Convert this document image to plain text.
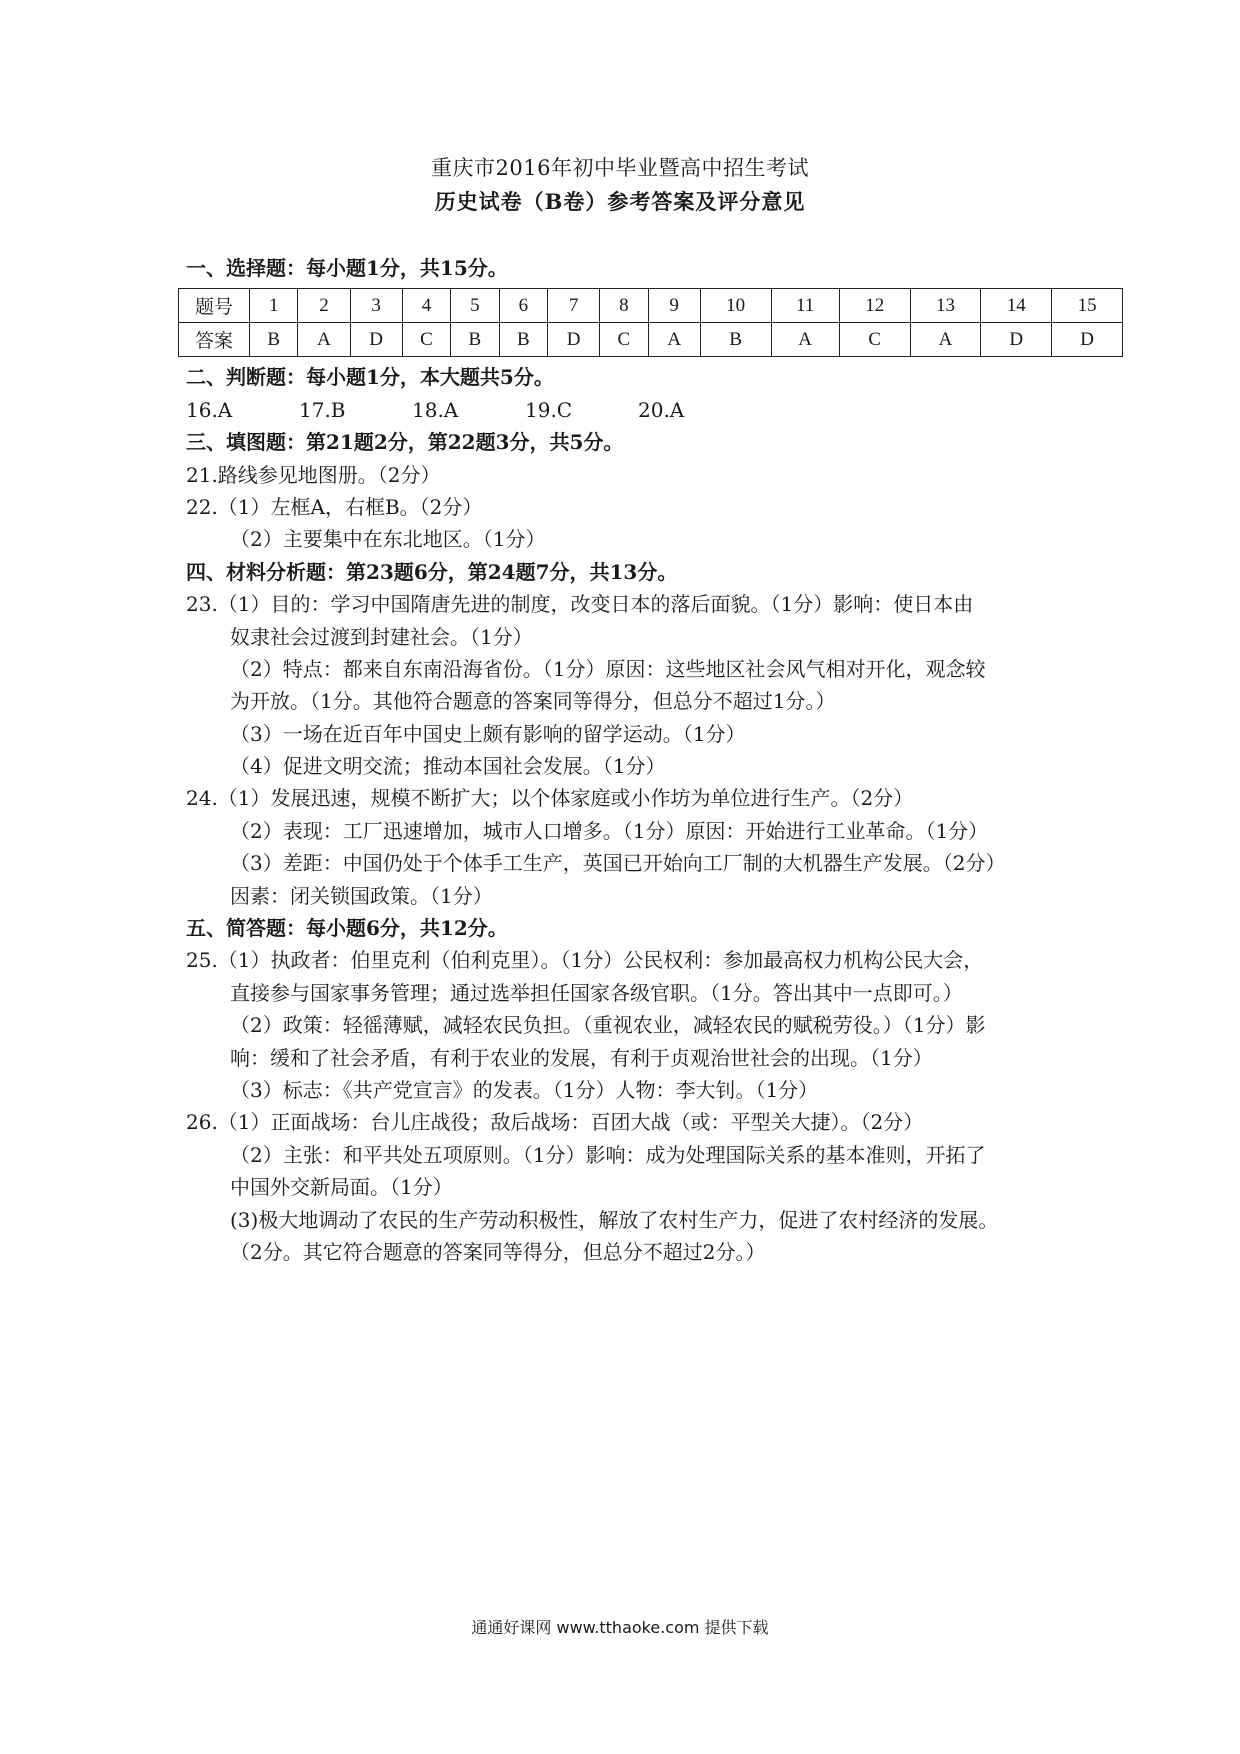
重庆市2016年初中毕业暨高中招生考试
历史试卷（B卷）参考答案及评分意见
一、选择题：每小题1分，共15分。
题号	1	2	3	4	5	6	7	8	9	10	11	12	13	14	15
答案	B	A	D	C	B	B	D	C	A	B	A	C	A	D	D
二、判断题：每小题1分，本大题共5分。
16.A	17.B	18.A	19.C	20.A
三、填图题：第21题2分，第22题3分，共5分。
21.路线参见地图册。（2分）
22.（1）左框A，右框B。（2分）
（2）主要集中在东北地区。（1分）
四、材料分析题：第23题6分，第24题7分，共13分。
23.（1）目的：学习中国隋唐先进的制度，改变日本的落后面貌。（1分）影响：使日本由
奴隶社会过渡到封建社会。（1分）
（2）特点：都来自东南沿海省份。（1分）原因：这些地区社会风气相对开化，观念较
为开放。（1分。其他符合题意的答案同等得分，但总分不超过1分。）
（3）一场在近百年中国史上颇有影响的留学运动。（1分）
（4）促进文明交流；推动本国社会发展。（1分）
24.（1）发展迅速，规模不断扩大；以个体家庭或小作坊为单位进行生产。（2分）
（2）表现：工厂迅速增加，城市人口增多。（1分）原因：开始进行工业革命。（1分）
（3）差距：中国仍处于个体手工生产，英国已开始向工厂制的大机器生产发展。（2分）
因素：闭关锁国政策。（1分）
五、简答题：每小题6分，共12分。
25.（1）执政者：伯里克利（伯利克里）。（1分）公民权利：参加最高权力机构公民大会，
直接参与国家事务管理；通过选举担任国家各级官职。（1分。答出其中一点即可。）
（2）政策：轻徭薄赋，减轻农民负担。（重视农业，减轻农民的赋税劳役。）（1分）影
响：缓和了社会矛盾，有利于农业的发展，有利于贞观治世社会的出现。（1分）
（3）标志：《共产党宣言》的发表。（1分）人物：李大钊。（1分）
26.（1）正面战场：台儿庄战役；敌后战场：百团大战（或：平型关大捷）。（2分）
（2）主张：和平共处五项原则。（1分）影响：成为处理国际关系的基本准则，开拓了
中国外交新局面。（1分）
(3)极大地调动了农民的生产劳动积极性，解放了农村生产力，促进了农村经济的发展。
（2分。其它符合题意的答案同等得分，但总分不超过2分。）
通通好课网 www.tthaoke.com 提供下载
